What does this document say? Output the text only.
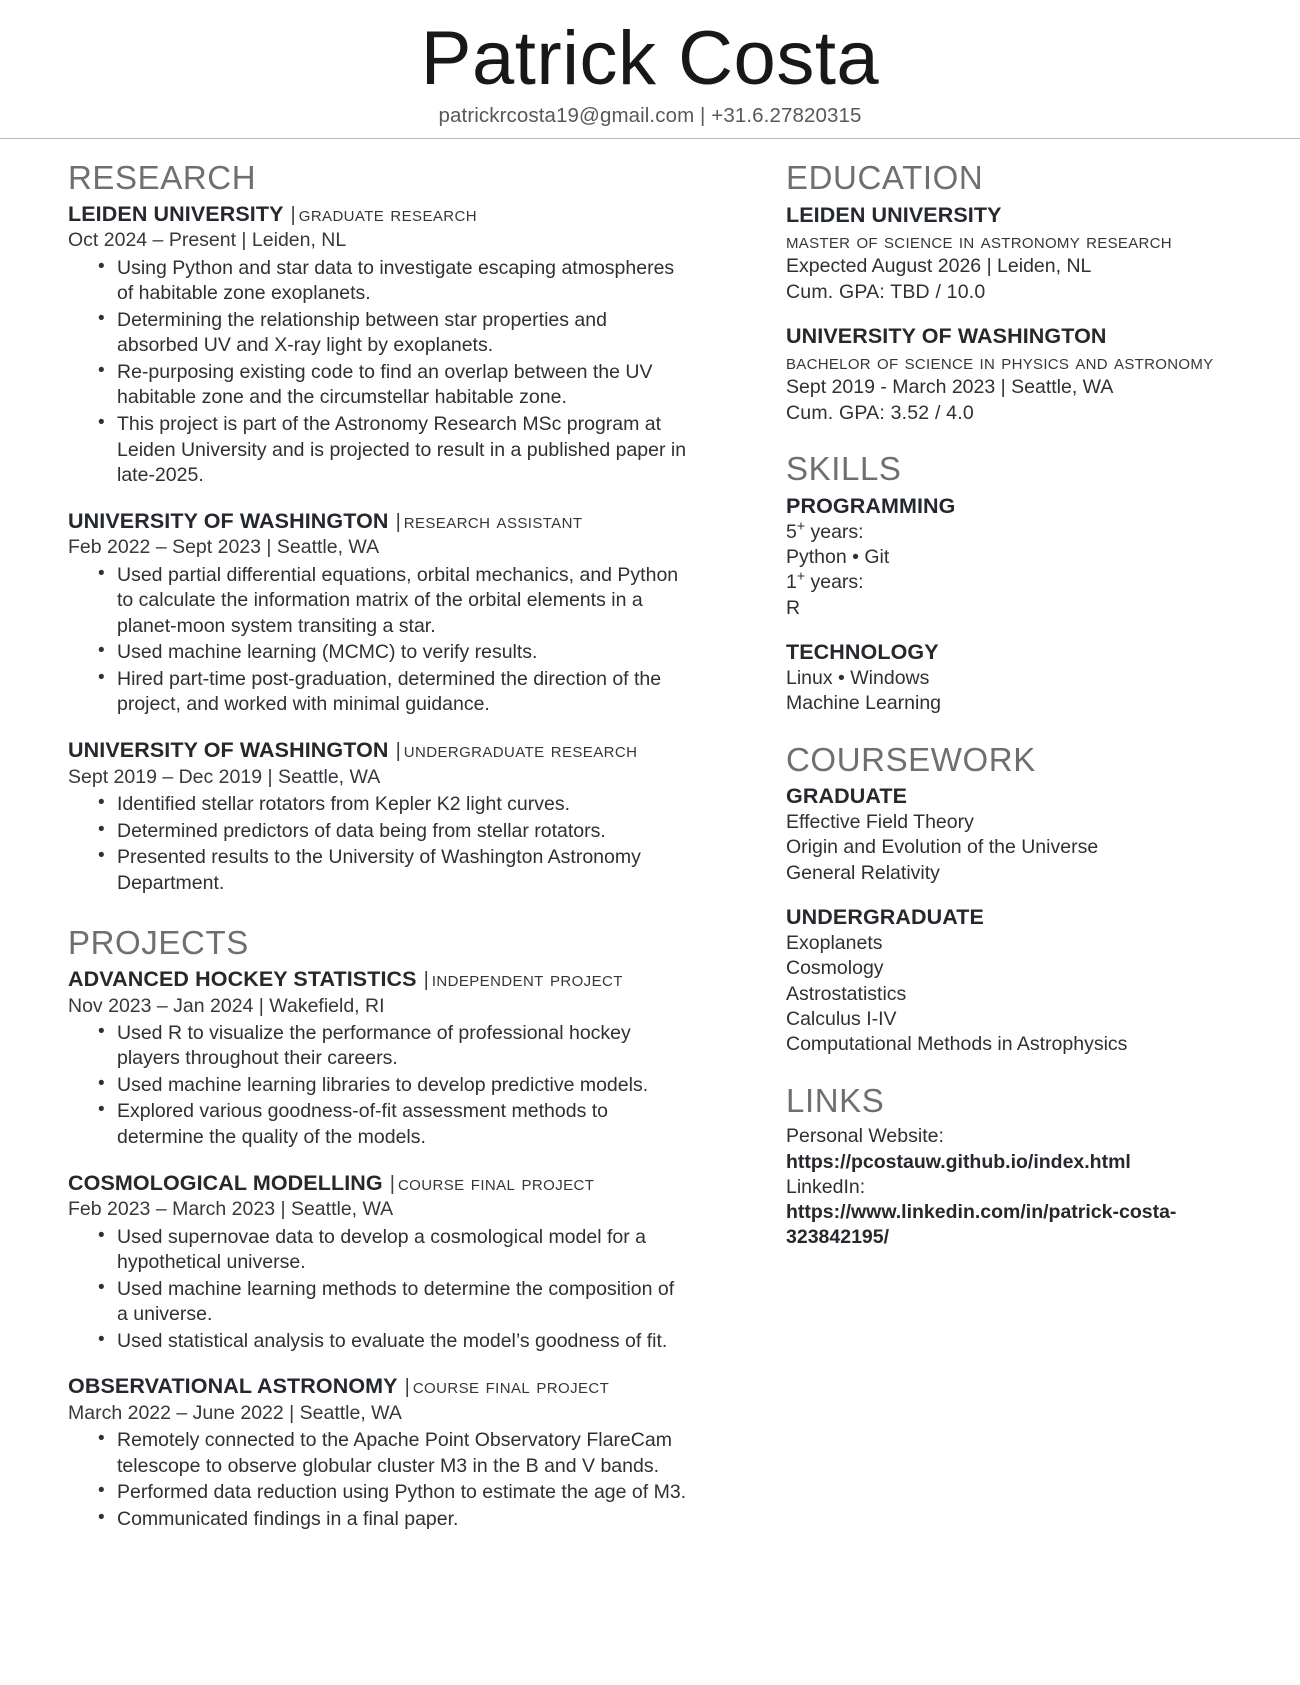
Patrick Costa
patrickrcosta19@gmail.com | +31.6.27820315
RESEARCH
LEIDEN UNIVERSITY | graduate research
Oct 2024 – Present | Leiden, NL
• Using Python and star data to investigate escaping atmospheres of habitable zone exoplanets.
• Determining the relationship between star properties and absorbed UV and X-ray light by exoplanets.
• Re-purposing existing code to find an overlap between the UV habitable zone and the circumstellar habitable zone.
• This project is part of the Astronomy Research MSc program at Leiden University and is projected to result in a published paper in late-2025.
UNIVERSITY OF WASHINGTON | research assistant
Feb 2022 – Sept 2023 | Seattle, WA
• Used partial differential equations, orbital mechanics, and Python to calculate the information matrix of the orbital elements in a planet-moon system transiting a star.
• Used machine learning (MCMC) to verify results.
• Hired part-time post-graduation, determined the direction of the project, and worked with minimal guidance.
UNIVERSITY OF WASHINGTON | undergraduate research
Sept 2019 – Dec 2019 | Seattle, WA
• Identified stellar rotators from Kepler K2 light curves.
• Determined predictors of data being from stellar rotators.
• Presented results to the University of Washington Astronomy Department.
PROJECTS
ADVANCED HOCKEY STATISTICS | independent project
Nov 2023 – Jan 2024 | Wakefield, RI
• Used R to visualize the performance of professional hockey players throughout their careers.
• Used machine learning libraries to develop predictive models.
• Explored various goodness-of-fit assessment methods to determine the quality of the models.
COSMOLOGICAL MODELLING | course final project
Feb 2023 – March 2023 | Seattle, WA
• Used supernovae data to develop a cosmological model for a hypothetical universe.
• Used machine learning methods to determine the composition of a universe.
• Used statistical analysis to evaluate the model’s goodness of fit.
OBSERVATIONAL ASTRONOMY | course final project
March 2022 – June 2022 | Seattle, WA
• Remotely connected to the Apache Point Observatory FlareCam telescope to observe globular cluster M3 in the B and V bands.
• Performed data reduction using Python to estimate the age of M3.
• Communicated findings in a final paper.
EDUCATION
LEIDEN UNIVERSITY
master of science in astronomy research
Expected August 2026 | Leiden, NL
Cum. GPA: TBD / 10.0
UNIVERSITY OF WASHINGTON
bachelor of science in physics and astronomy
Sept 2019 - March 2023 | Seattle, WA
Cum. GPA: 3.52 / 4.0
SKILLS
PROGRAMMING
5+ years:
Python • Git
1+ years:
R
TECHNOLOGY
Linux • Windows
Machine Learning
COURSEWORK
GRADUATE
Effective Field Theory
Origin and Evolution of the Universe
General Relativity
UNDERGRADUATE
Exoplanets
Cosmology
Astrostatistics
Calculus I-IV
Computational Methods in Astrophysics
LINKS
Personal Website:
https://pcostauw.github.io/index.html
LinkedIn:
https://www.linkedin.com/in/patrick-costa-323842195/
